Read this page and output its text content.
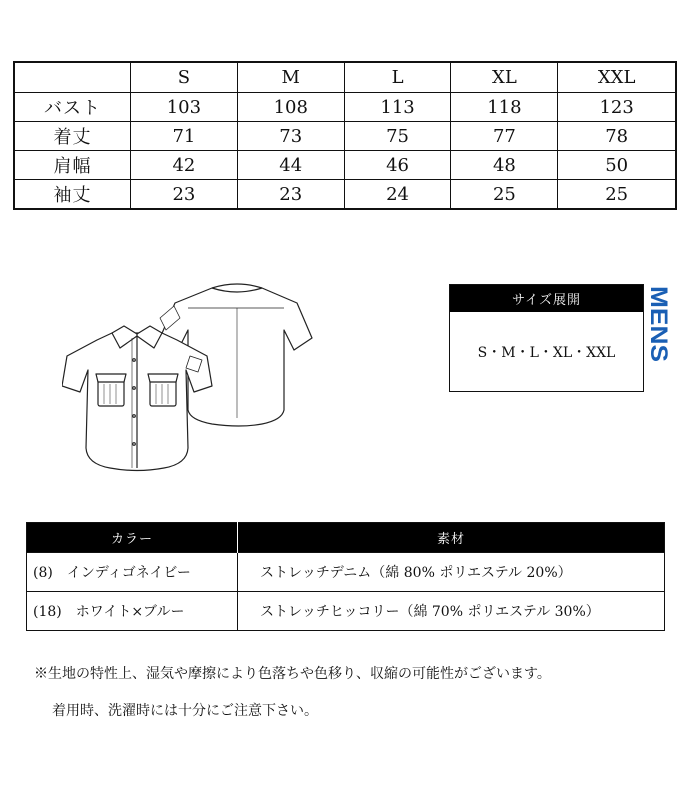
	S	M	L	XL	XXL
バスト	103	108	113	118	123
着丈	71	73	75	77	78
肩幅	42	44	46	48	50
袖丈	23	23	24	25	25
サイズ展開
S・M・L・XL・XXL	MENS
カラー	素材
(8)　インディゴネイビー	ストレッチデニム（綿 80% ポリエステル 20%）
(18)　ホワイト×ブルー	ストレッチヒッコリー（綿 70% ポリエステル 30%）
※生地の特性上、湿気や摩擦により色落ちや色移り、収縮の可能性がございます。
着用時、洗濯時には十分にご注意下さい。
